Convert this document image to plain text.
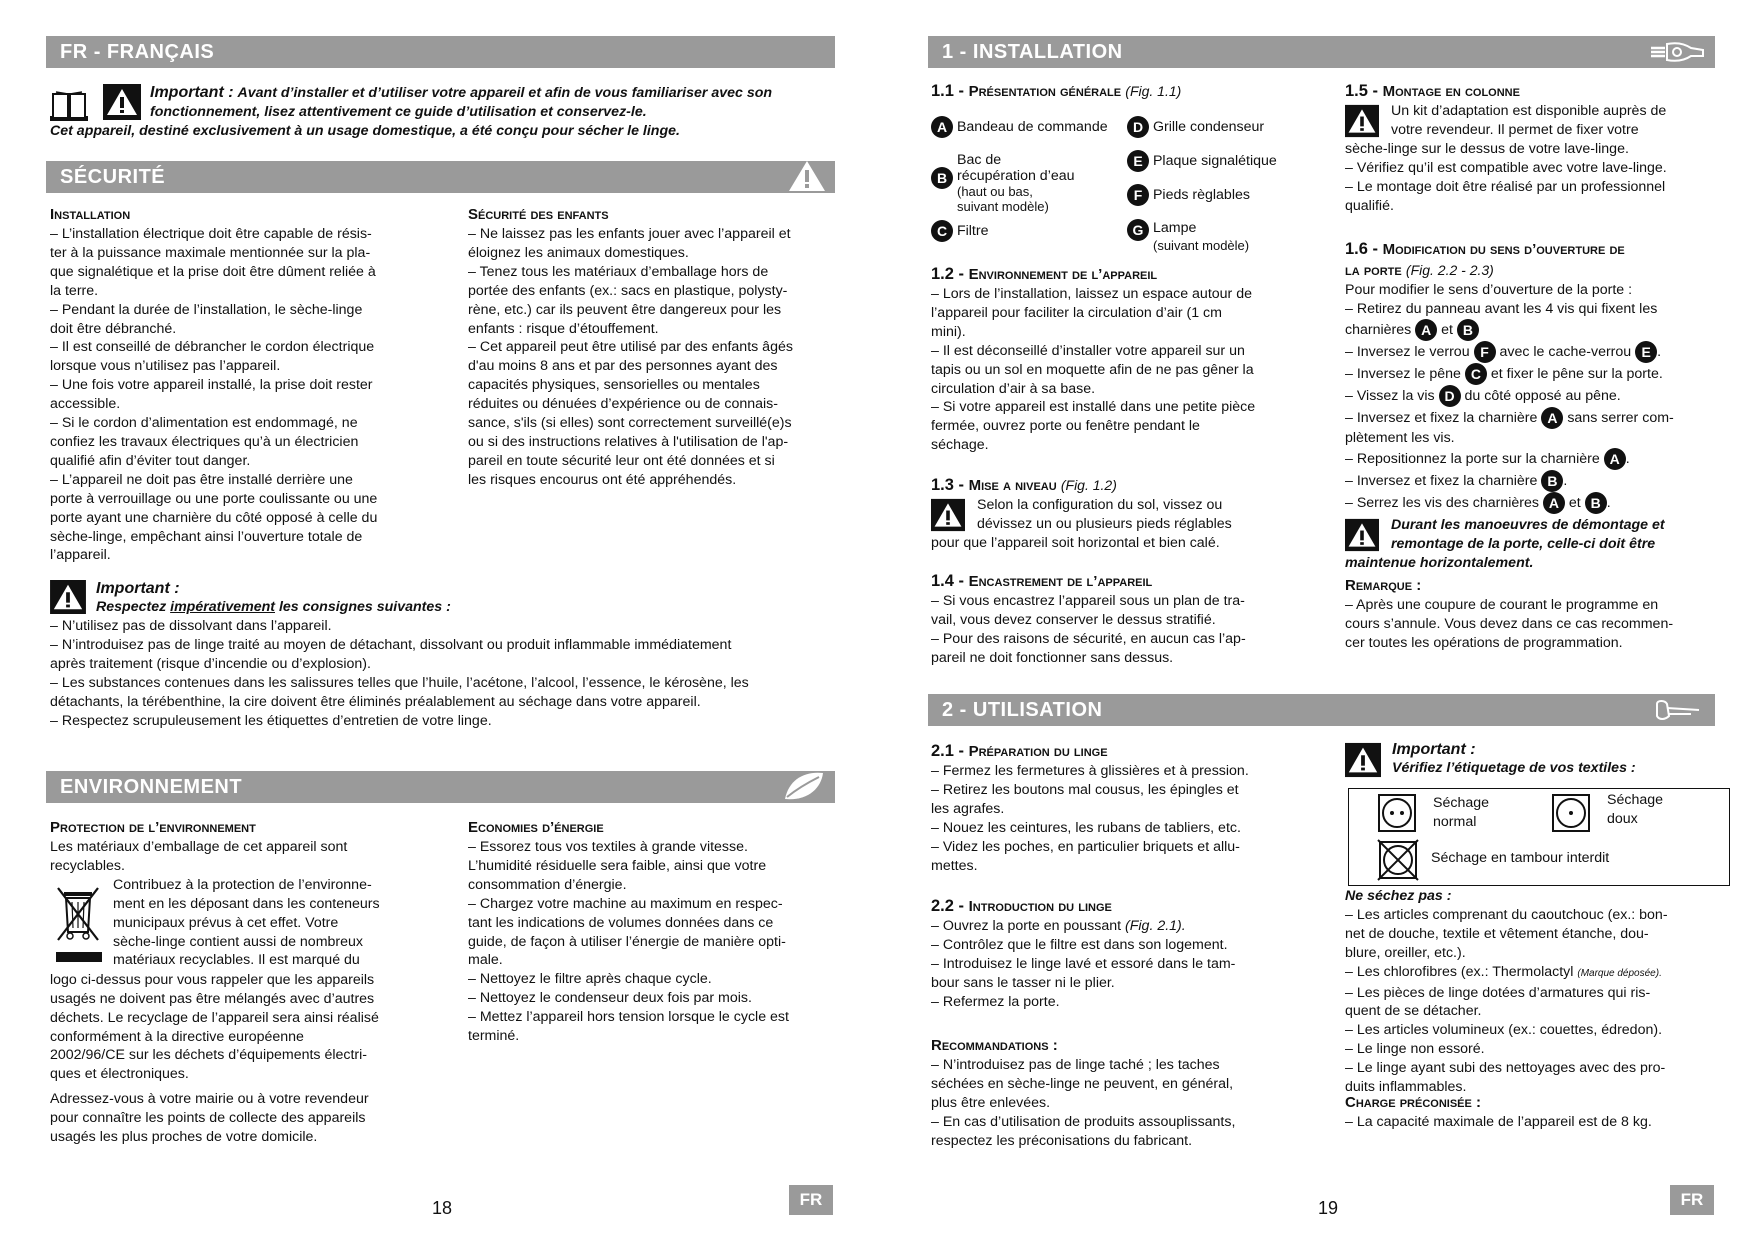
FR - FRANÇAIS

Important : Avant d’installer et d’utiliser votre appareil et afin de vous familiariser avec son

fonctionnement, lisez attentivement ce guide d’utilisation et conservez-le.

Cet appareil, destiné exclusivement à un usage domestique, a été conçu pour sécher le linge.

SÉCURITÉ
Installation
– L’installation électrique doit être capable de résis-
ter à la puissance maximale mentionnée sur la pla-
que signalétique et la prise doit être dûment reliée à
la terre.
– Pendant la durée de l’installation, le sèche-linge
doit être débranché.
– Il est conseillé de débrancher le cordon électrique
lorsque vous n’utilisez pas l’appareil.
– Une fois votre appareil installé, la prise doit rester
accessible.
– Si le cordon d’alimentation est endommagé, ne
confiez les travaux électriques qu’à un électricien
qualifié afin d’éviter tout danger.
– L’appareil ne doit pas être installé derrière une
porte à verrouillage ou une porte coulissante ou une
porte ayant une charnière du côté opposé à celle du
sèche-linge, empêchant ainsi l’ouverture totale de
l’appareil.
Sécurité des enfants
– Ne laissez pas les enfants jouer avec l’appareil et
éloignez les animaux domestiques.
– Tenez tous les matériaux d’emballage hors de
portée des enfants (ex.: sacs en plastique, polysty-
rène, etc.) car ils peuvent être dangereux pour les
enfants : risque d’étouffement.
– Cet appareil peut être utilisé par des enfants âgés
d'au moins 8 ans et par des personnes ayant des
capacités physiques, sensorielles ou mentales
réduites ou dénuées d’expérience ou de connais-
sance, s'ils (si elles) sont correctement surveillé(e)s
ou si des instructions relatives à l'utilisation de l'ap-
pareil en toute sécurité leur ont été données et si
les risques encourus ont été appréhendés.
Important :
Respectez impérativement les consignes suivantes :
– N’utilisez pas de dissolvant dans l’appareil.
– N’introduisez pas de linge traité au moyen de détachant, dissolvant ou produit inflammable immédiatement
après traitement (risque d’incendie ou d’explosion).
– Les substances contenues dans les salissures telles que l’huile, l’acétone, l’alcool, l’essence, le kérosène, les
détachants, la térébenthine, la cire doivent être éliminés préalablement au séchage dans votre appareil.
– Respectez scrupuleusement les étiquettes d’entretien de votre linge.
ENVIRONNEMENT
Protection de l’environnement
Les matériaux d’emballage de cet appareil sont
recyclables.
Contribuez à la protection de l’environne-
ment en les déposant dans les conteneurs
municipaux prévus à cet effet. Votre
sèche-linge contient aussi de nombreux
matériaux recyclables. Il est marqué du
logo ci-dessus pour vous rappeler que les appareils
usagés ne doivent pas être mélangés avec d’autres
déchets. Le recyclage de l’appareil sera ainsi réalisé
conformément à la directive européenne
2002/96/CE sur les déchets d’équipements électri-
ques et électroniques.
Adressez-vous à votre mairie ou à votre revendeur
pour connaître les points de collecte des appareils
usagés les plus proches de votre domicile.
Economies d’énergie
– Essorez tous vos textiles à grande vitesse.
L’humidité résiduelle sera faible, ainsi que votre
consommation d’énergie.
– Chargez votre machine au maximum en respec-
tant les indications de volumes données dans ce
guide, de façon à utiliser l’énergie de manière opti-
male.
– Nettoyez le filtre après chaque cycle.
– Nettoyez le condenseur deux fois par mois.
– Mettez l’appareil hors tension lorsque le cycle est
terminé.
18	FR
1 - INSTALLATION
1.1 - Présentation générale (Fig. 1.1)
A Bandeau de commande
B
Bac de
récupération d’eau
(haut ou bas,
suivant modèle)
C Filtre
D Grille condenseur
E Plaque signalétique
F Pieds règlables
G Lampe
(suivant modèle)
1.2 - Environnement de l’appareil
– Lors de l’installation, laissez un espace autour de
l’appareil pour faciliter la circulation d’air (1 cm
mini).
– Il est déconseillé d’installer votre appareil sur un
tapis ou un sol en moquette afin de ne pas gêner la
circulation d’air à sa base.
– Si votre appareil est installé dans une petite pièce
fermée, ouvrez porte ou fenêtre pendant le
séchage.
1.3 - Mise a niveau (Fig. 1.2)
Selon la configuration du sol, vissez ou
dévissez un ou plusieurs pieds réglables
pour que l’appareil soit horizontal et bien calé.
1.4 - Encastrement de l’appareil
– Si vous encastrez l’appareil sous un plan de tra-
vail, vous devez conserver le dessus stratifié.
– Pour des raisons de sécurité, en aucun cas l’ap-
pareil ne doit fonctionner sans dessus.
1.5 - Montage en colonne
Un kit d’adaptation est disponible auprès de
votre revendeur. Il permet de fixer votre
sèche-linge sur le dessus de votre lave-linge.
– Vérifiez qu’il est compatible avec votre lave-linge.
– Le montage doit être réalisé par un professionnel
qualifié.
1.6 - Modification du sens d’ouverture de
la porte (Fig. 2.2 - 2.3)
Pour modifier le sens d’ouverture de la porte :
– Retirez du panneau avant les 4 vis qui fixent les
charnières A et B
– Inversez le verrou F avec le cache-verrou E .
– Inversez le pêne C et fixer le pêne sur la porte.
– Vissez la vis D du côté opposé au pêne.
– Inversez et fixez la charnière A sans serrer com-
plètement les vis.
– Repositionnez la porte sur la charnière A .
– Inversez et fixez la charnière B .
– Serrez les vis des charnières A et B .
Durant les manoeuvres de démontage et
remontage de la porte, celle-ci doit être
maintenue horizontalement.
Remarque :
– Après une coupure de courant le programme en
cours s’annule. Vous devez dans ce cas recommen-
cer toutes les opérations de programmation.
2 - UTILISATION
2.1 - Préparation du linge
– Fermez les fermetures à glissières et à pression.
– Retirez les boutons mal cousus, les épingles et
les agrafes.
– Nouez les ceintures, les rubans de tabliers, etc.
– Videz les poches, en particulier briquets et allu-
mettes.
2.2 - Introduction du linge
– Ouvrez la porte en poussant (Fig. 2.1).
– Contrôlez que le filtre est dans son logement.
– Introduisez le linge lavé et essoré dans le tam-
bour sans le tasser ni le plier.
– Refermez la porte.
Recommandations :
– N’introduisez pas de linge taché ; les taches
séchées en sèche-linge ne peuvent, en général,
plus être enlevées.
– En cas d’utilisation de produits assouplissants,
respectez les préconisations du fabricant.
Important :
Vérifiez l’étiquetage de vos textiles :
Séchage
normal
Séchage
doux
Séchage en tambour interdit
Ne séchez pas :
– Les articles comprenant du caoutchouc (ex.: bon-
net de douche, textile et vêtement étanche, dou-
blure, oreiller, etc.).
– Les chlorofibres (ex.: Thermolactyl (Marque déposée).
– Les pièces de linge dotées d’armatures qui ris-
quent de se détacher.
– Les articles volumineux (ex.: couettes, édredon).
– Le linge non essoré.
– Le linge ayant subi des nettoyages avec des pro-
duits inflammables.
Charge préconisée :
– La capacité maximale de l’appareil est de 8 kg.
19	FR
